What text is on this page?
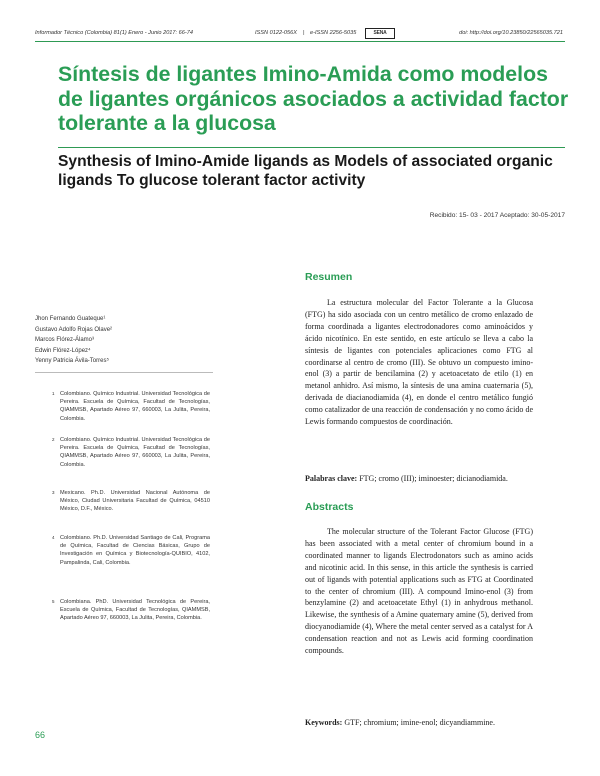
Informador Técnico (Colombia) 81(1) Enero - Junio 2017: 66-74	ISSN 0122-056X | e-ISSN 2256-5035	SENA	doi: http://doi.org/10.23850/22565035.721
Síntesis de ligantes Imino-Amida como modelos de ligantes orgánicos asociados a actividad factor tolerante a la glucosa
Synthesis of Imino-Amide ligands as Models of associated organic ligands To glucose tolerant factor activity
Recibido: 15- 03 - 2017 Aceptado: 30-05-2017
Jhon Fernando Guateque¹
Gustavo Adolfo Rojas Olave²
Marcos Flórez-Álamo³
Edwin Flórez-López⁴
Yenny Patricia Ávila-Torres⁵
1 Colombiano. Químico Industrial. Universidad Tecnológica de Pereira. Escuela de Química, Facultad de Tecnologías, QIAMMSB, Apartado Aéreo 97, 660003, La Julita, Pereira, Colombia.
2 Colombiano. Químico Industrial. Universidad Tecnológica de Pereira. Escuela de Química, Facultad de Tecnologías, QIAMMSB, Apartado Aéreo 97, 660003, La Julita, Pereira, Colombia.
3 Mexicano. Ph.D. Universidad Nacional Autónoma de México, Ciudad Universitaria Facultad de Química, 04510 México, D.F., México.
4 Colombiano. Ph.D. Universidad Santiago de Cali, Programa de Química, Facultad de Ciencias Básicas, Grupo de Investigación en Química y Biotecnología-QUIBIO, 4102, Pampalinda, Cali, Colombia.
5 Colombiana. PhD. Universidad Tecnológica de Pereira, Escuela de Química, Facultad de Tecnologías, QIAMMSB, Apartado Aéreo 97, 660003, La Julita, Pereira, Colombia.
Resumen

La estructura molecular del Factor Tolerante a la Glucosa (FTG) ha sido asociada con un centro metálico de cromo enlazado de forma coordinada a ligantes electrodonadores como aminoácidos y ácido nicotínico. En este sentido, en este artículo se lleva a cabo la síntesis de ligantes con potenciales aplicaciones como FTG al coordinarse al centro de cromo (III). Se obtuvo un compuesto imino-enol (3) a partir de bencilamina (2) y acetoacetato de etilo (1) en metanol anhidro. Así mismo, la síntesis de una amina cuaternaria (5), derivada de diacianodiamida (4), en donde el centro metálico fungió como catalizador de una reacción de condensación y no como ácido de Lewis formando compuestos de coordinación.

Palabras clave: FTG; cromo (III); iminoester; dicianodiamida.
Abstracts

The molecular structure of the Tolerant Factor Glucose (FTG) has been associated with a metal center of chromium bound in a coordinated manner to ligands Electrodonators such as amino acids and nicotinic acid. In this sense, in this article the synthesis is carried out of ligands with potential applications such as FTG at Coordinated to the center of chromium (III). A compound Imino-enol (3) from benzylamine (2) and acetoacetate Ethyl (1) in anhydrous methanol. Likewise, the synthesis of a Amine quaternary amine (5), derived from diocyanodiamide (4), Where the metal center served as a catalyst for A condensation reaction and not as Lewis acid forming coordination compounds.

Keywords: GTF; chromium; imine-enol; dicyandiammine.
66
